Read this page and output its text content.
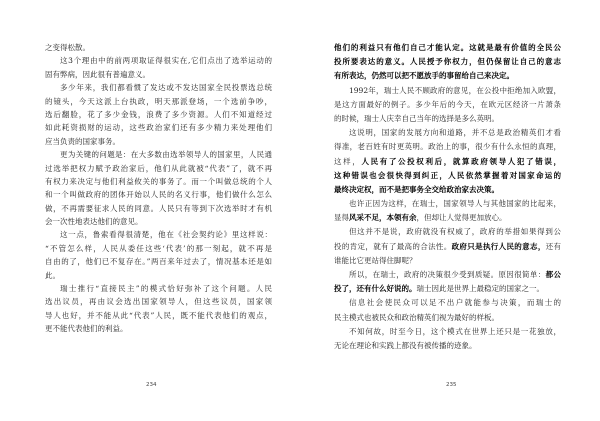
之变得松散。
这3个理由中的前两项取证得很实在,它们点出了选举运动的
固有弊病，因此很有普遍意义。
多少年来，我们都看惯了发达或不发达国家全民投票选总统
的镜头，今天这派上台执政，明天那派登场，一个选前争吵，
选后翻脸，花了多少金钱，浪费了多少资源。人们不知道经过
如此耗资损财的运动，这些政治家们还有多少精力来处理他们
应当负责的国家事务。
更为关键的问题是：在大多数由选举领导人的国家里，人民通
过选举把权力赋予政治家后，他们从此就被“代表”了，就不再
有权力来决定与他们利益攸关的事务了。而一个叫做总统的个人
和一个叫做政府的团体开始以人民的名义行事，他们做什么怎么
做，不再需要征求人民的同意。人民只有等到下次选举时才有机
会一次性地表达他们的意见。
这一点，鲁索看得很清楚，他在《社会契约论》里这样说：
“不管怎么样，人民从委任这些‘代表’的那一刻起，就不再是
自由的了，他们已不复存在。”两百来年过去了，情况基本还是如
此。
瑞士推行“直接民主”的模式恰好弥补了这个问题。人民
选出议员，再由议会选出国家领导人，但这些议员，国家领
导人也好，并不能从此“代表”人民，既不能代表他们的观点，
更不能代表他们的利益。
234
他们的利益只有他们自己才能认定。这就是最有价值的全民公
投所要表达的意义。人民授予你权力，但仍保留让自己的意志
有所表达，仍然可以把不愿放手的事留给自己来决定。
1992年，瑞士人民不顾政府的意见，在公投中拒绝加入欧盟，
是这方面最好的例子。多少年后的今天，在欧元区经济一片萧条
的时候，瑞士人庆幸自己当年的选择是多么英明。
这说明，国家的发展方向和道路，并不总是政治精英们才看
得准，老百姓有时更英明。政治上的事，很少有什么永恒的真理，
这样，人民有了公投权利后，就算政府领导人犯了错误，
这种错误也会很快得到纠正，人民依然掌握着对国家命运的
最终决定权，而不是把事务全交给政治家去决策。
也许正因为这样，在瑞士，国家领导人与其他国家的比起来，
显得风采不足，本领有余，但却让人觉得更加放心。
但这并不是说，政府就没有权威了，政府的举措如果得到公
投的肯定，就有了最高的合法性。政府只是执行人民的意志，还有
谁能比它更站得住脚呢？
所以，在瑞士，政府的决策很少受到质疑。原因很简单：都公
投了，还有什么好说的。瑞士因此是世界上最稳定的国家之一。
信息社会使民众可以足不出户就能参与决策，而瑞士的
民主模式也被民众和政治精英们视为最好的样板。
不知何故，时至今日，这个模式在世界上还只是一花独放，
无论在理论和实践上都没有被传播的迹象。
235
